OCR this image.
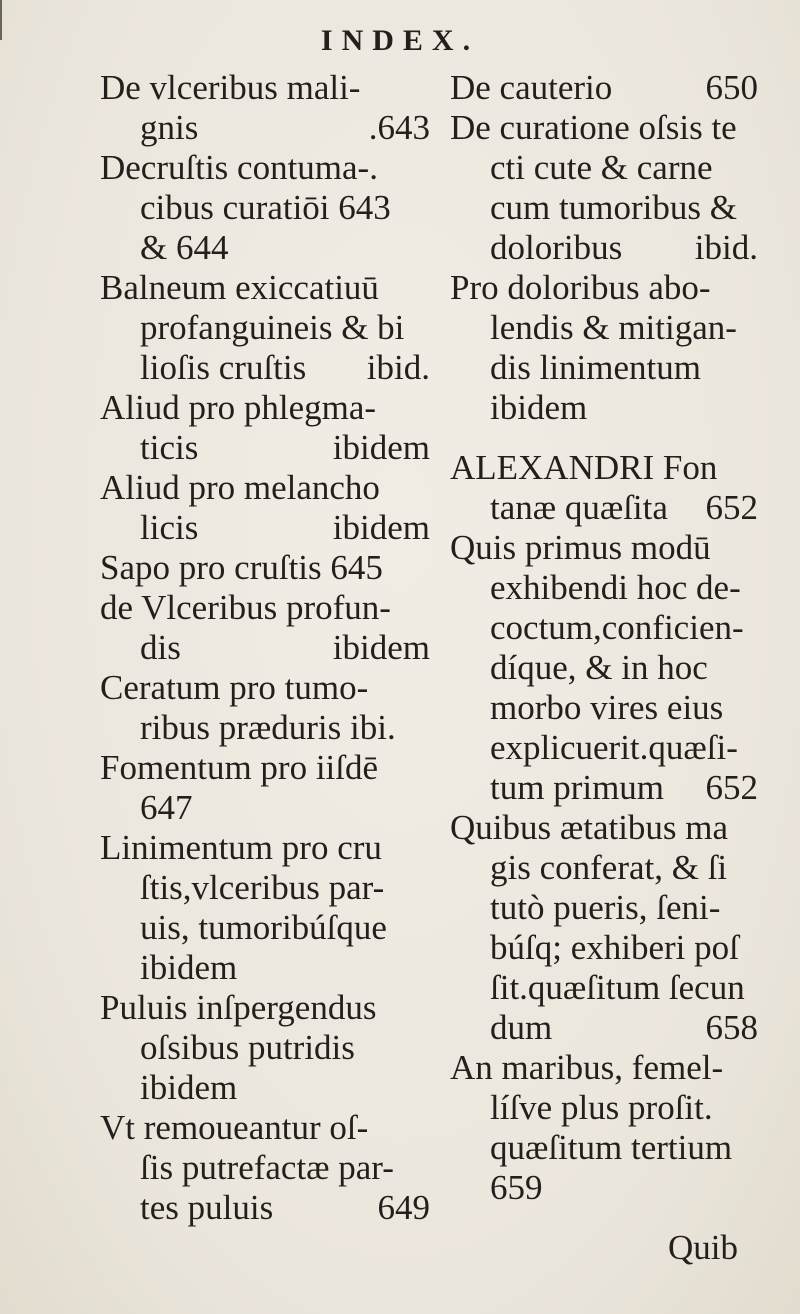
INDEX.
De vlceribus mali-
gnis	.643
Decruſtis contuma-.
cibus curatiōi 643
& 644
Balneum exiccatiuū
profanguineis & bi
lioſis cruſtis ibid.
Aliud pro phlegma-
ticis	ibidem
Aliud pro melancho
licis	ibidem
Sapo pro cruſtis 645
de Vlceribus profun-
dis	ibidem
Ceratum pro tumo-
ribus præduris ibi.
Fomentum pro iiſdē
647
Linimentum pro cru
ſtis,vlceribus par-
uis, tumoribúſque
ibidem
Puluis inſpergendus
oſsibus putridis
ibidem
Vt remoueantur oſ-
ſis putrefactæ par-
tes puluis	649
De cauterio	650
De curatione oſsis te
cti cute & carne
cum tumoribus &
doloribus ibid.
Pro doloribus abo-
lendis & mitigan-
dis linimentum
ibidem
ALEXANDRI Fon
tanæ quæſita 652
Quis primus modū
exhibendi hoc de-
coctum,conficien-
díque, & in hoc
morbo vires eius
explicuerit.quæſi-
tum primum 652
Quibus ætatibus ma
gis conferat, & ſi
tutò pueris, ſeni-
búſq; exhiberi poſ
ſit.quæſitum ſecun
dum	658
An maribus, femel-
líſve plus proſit.
quæſitum tertium
659
Quib
